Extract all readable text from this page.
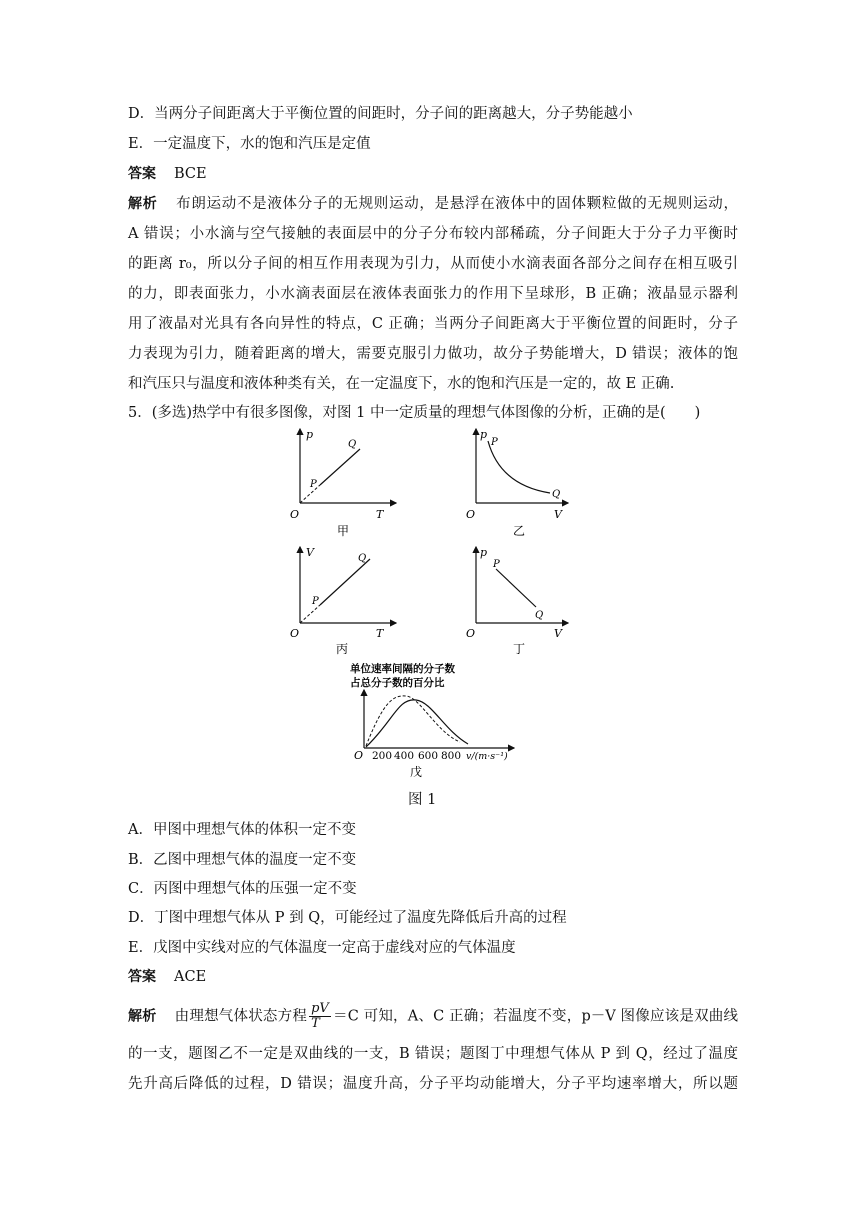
D．当两分子间距离大于平衡位置的间距时，分子间的距离越大，分子势能越小
E．一定温度下，水的饱和汽压是定值
答案 BCE
解析 布朗运动不是液体分子的无规则运动，是悬浮在液体中的固体颗粒做的无规则运动，
A 错误；小水滴与空气接触的表面层中的分子分布较内部稀疏，分子间距大于分子力平衡时
的距离 r₀，所以分子间的相互作用表现为引力，从而使小水滴表面各部分之间存在相互吸引
的力，即表面张力，小水滴表面层在液体表面张力的作用下呈球形，B 正确；液晶显示器利
用了液晶对光具有各向异性的特点，C 正确；当两分子间距离大于平衡位置的间距时，分子
力表现为引力，随着距离的增大，需要克服引力做功，故分子势能增大，D 错误；液体的饱
和汽压只与温度和液体种类有关，在一定温度下，水的饱和汽压是一定的，故 E 正确.
5．(多选)热学中有很多图像，对图 1 中一定质量的理想气体图像的分析，正确的是(　　)
p
T
O
P
Q
甲
p
V
O
P
Q
乙
V
T
O
P
Q
丙
p
V
O
P
Q
丁
单位速率间隔的分子数
占总分子数的百分比
O 200 400 600 800 v/(m·s⁻¹)
戊
图 1
A．甲图中理想气体的体积一定不变
B．乙图中理想气体的温度一定不变
C．丙图中理想气体的压强一定不变
D．丁图中理想气体从 P 到 Q，可能经过了温度先降低后升高的过程
E．戊图中实线对应的气体温度一定高于虚线对应的气体温度
答案 ACE
解析 由理想气体状态方程 $\frac{pV}{T} =C$ 可知，A、C 正确；若温度不变，p－V 图像应该是双曲线
的一支，题图乙不一定是双曲线的一支，B 错误；题图丁中理想气体从 P 到 Q，经过了温度
先升高后降低的过程，D 错误；温度升高，分子平均动能增大，分子平均速率增大，所以题
